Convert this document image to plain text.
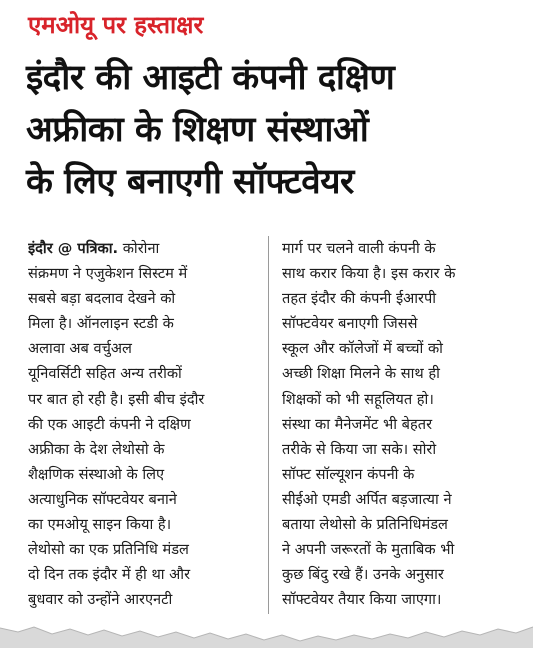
एमओयू पर हस्ताक्षर
इंदौर की आइटी कंपनी दक्षिण
अफ्रीका के शिक्षण संस्थाओं
के लिए बनाएगी सॉफ्टवेयर
इंदौर @ पत्रिका. कोरोना
संक्रमण ने एजुकेशन सिस्टम में
सबसे बड़ा बदलाव देखने को
मिला है। ऑनलाइन स्टडी के
अलावा अब वर्चुअल
यूनिवर्सिटी सहित अन्य तरीकों
पर बात हो रही है। इसी बीच इंदौर
की एक आइटी कंपनी ने दक्षिण
अफ्रीका के देश लेथोसो के
शैक्षणिक संस्थाओ के लिए
अत्याधुनिक सॉफ्टवेयर बनाने
का एमओयू साइन किया है।
लेथोसो का एक प्रतिनिधि मंडल
दो दिन तक इंदौर में ही था और
बुधवार को उन्होंने आरएनटी
मार्ग पर चलने वाली कंपनी के
साथ करार किया है। इस करार के
तहत इंदौर की कंपनी ईआरपी
सॉफ्टवेयर बनाएगी जिससे
स्कूल और कॉलेजों में बच्चों को
अच्छी शिक्षा मिलने के साथ ही
शिक्षकों को भी सहूलियत हो।
संस्था का मैनेजमेंट भी बेहतर
तरीके से किया जा सके। सोरो
सॉफ्ट सॉल्यूशन कंपनी के
सीईओ एमडी अर्पित बड़जात्या ने
बताया लेथोसो के प्रतिनिधिमंडल
ने अपनी जरूरतों के मुताबिक भी
कुछ बिंदु रखे हैं। उनके अनुसार
सॉफ्टवेयर तैयार किया जाएगा।
